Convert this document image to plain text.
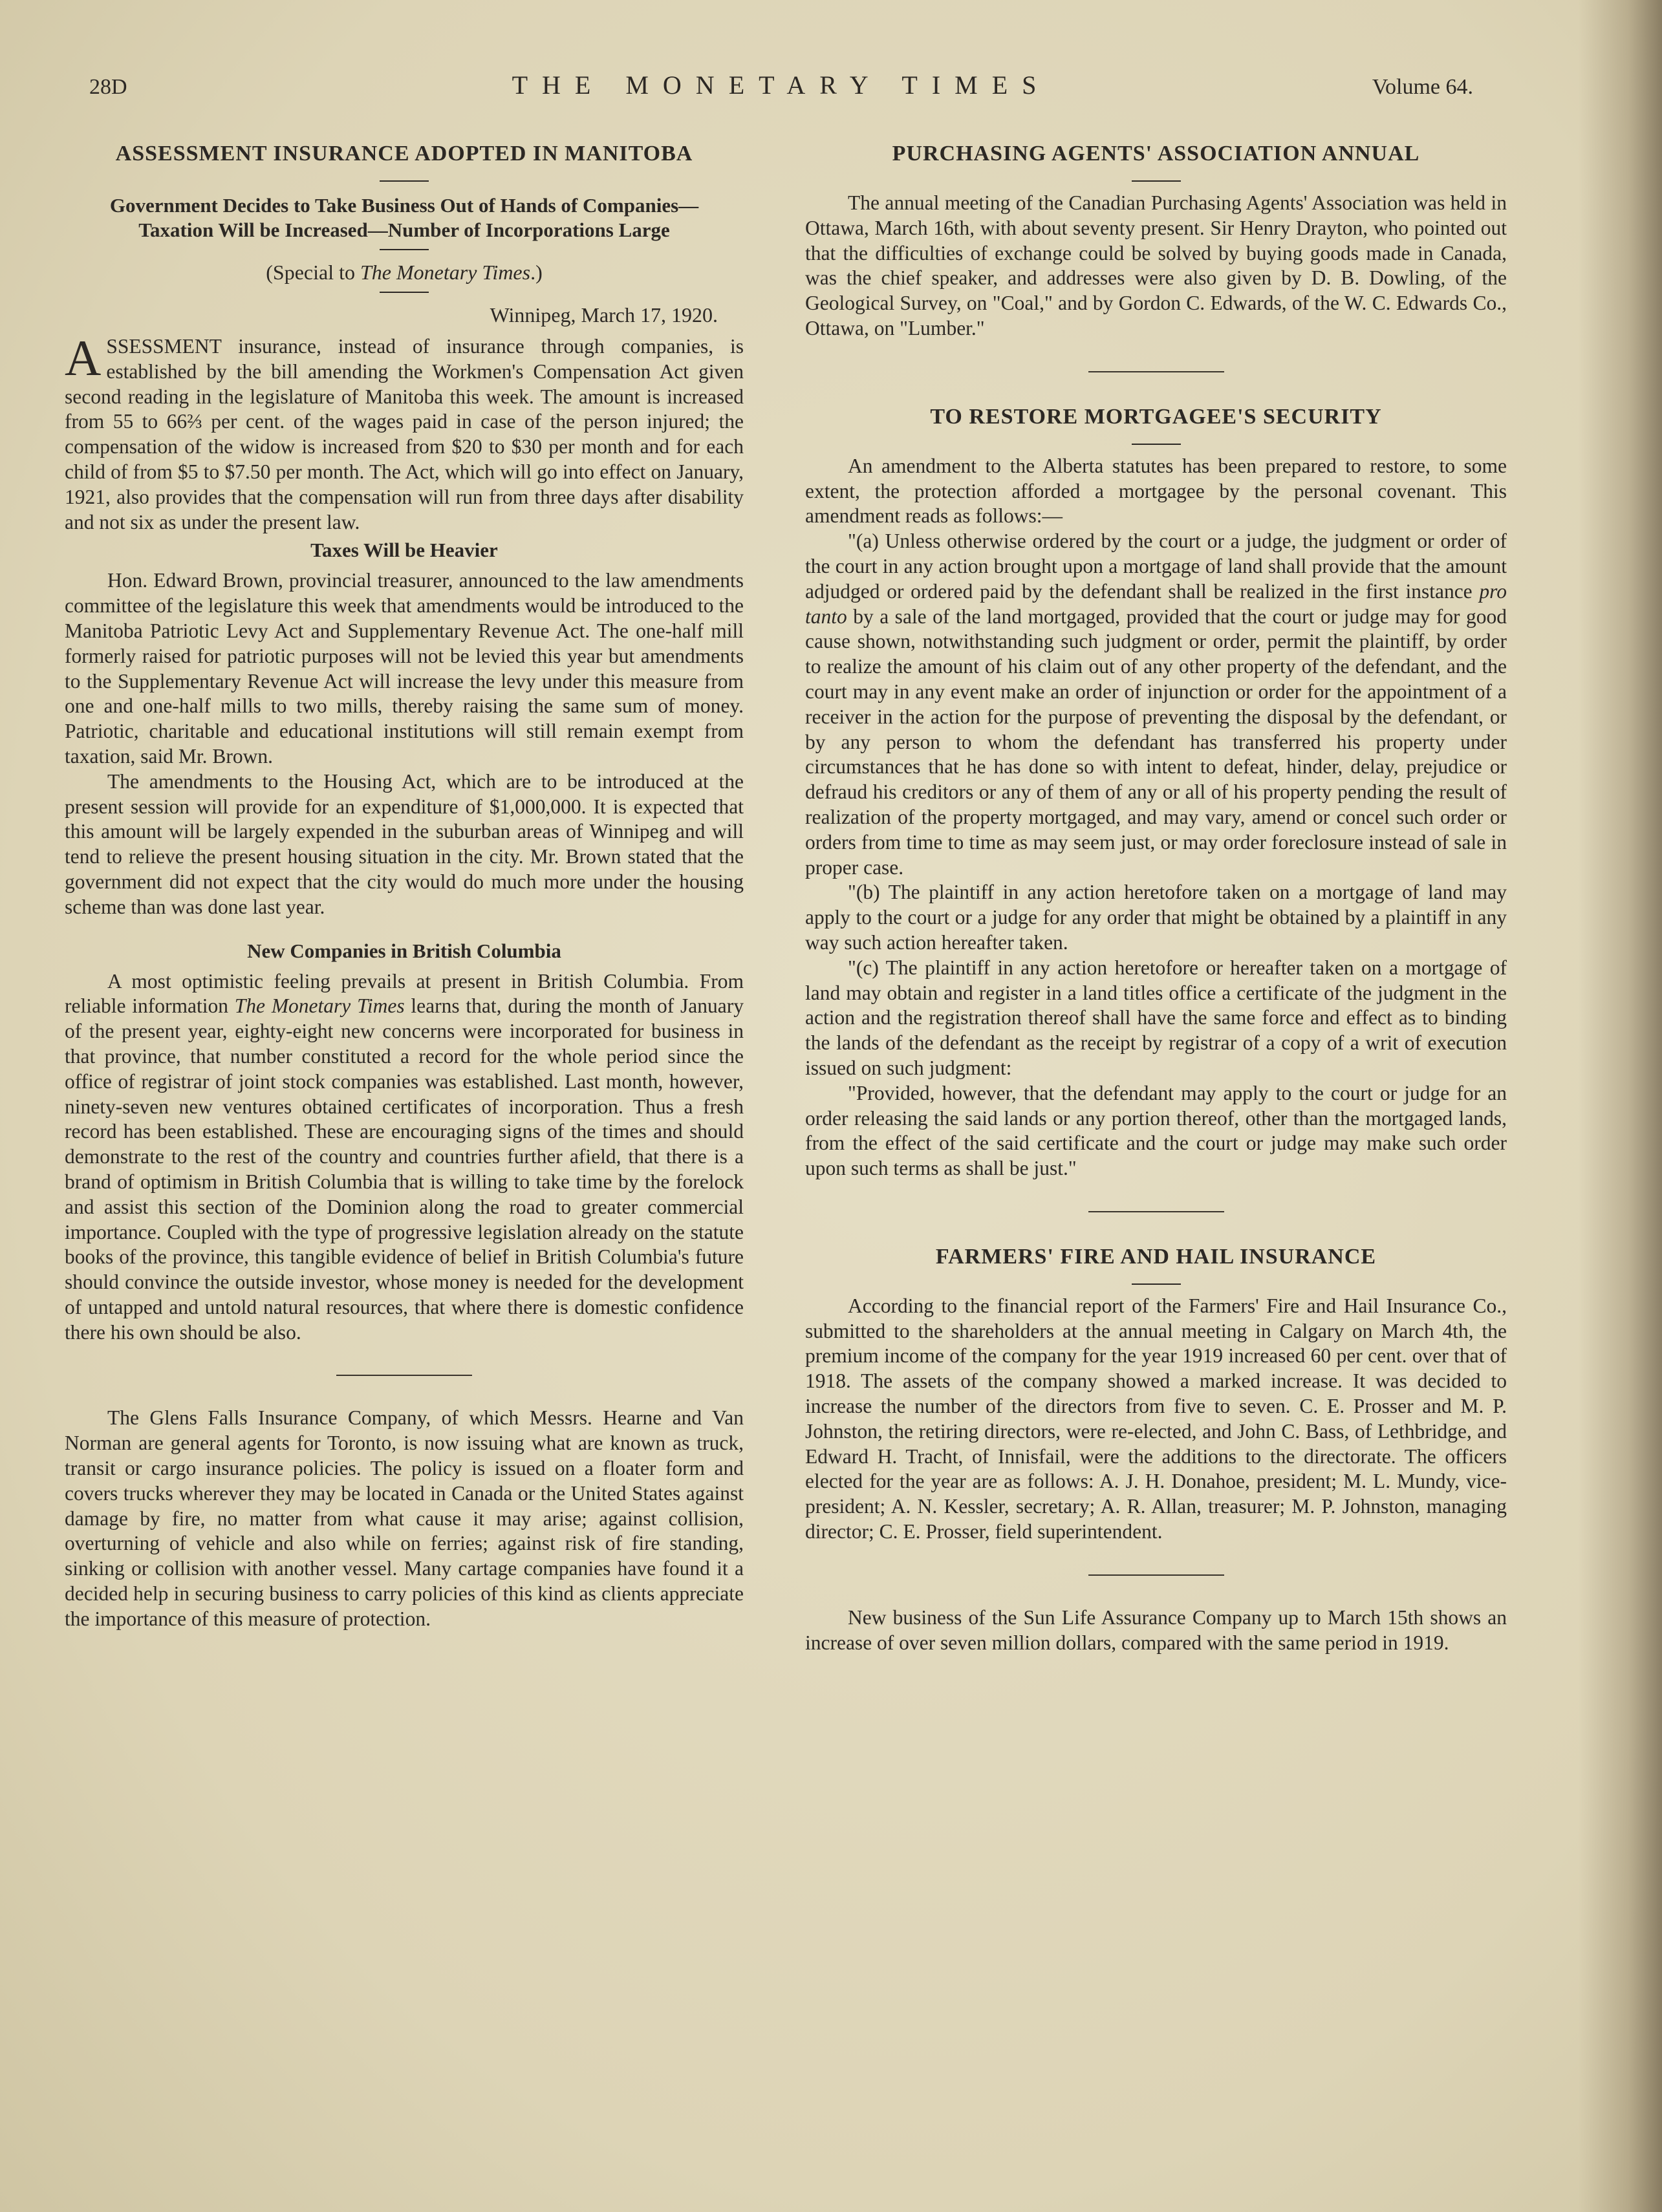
28D	THE MONETARY TIMES	Volume 64.
ASSESSMENT INSURANCE ADOPTED IN MANITOBA
Government Decides to Take Business Out of Hands of Companies—Taxation Will be Increased—Number of Incorporations Large
(Special to The Monetary Times.)
Winnipeg, March 17, 1920.

ASSESSMENT insurance, instead of insurance through companies, is established by the bill amending the Workmen's Compensation Act given second reading in the legislature of Manitoba this week. The amount is increased from 55 to 66⅔ per cent. of the wages paid in case of the person injured; the compensation of the widow is increased from $20 to $30 per month and for each child of from $5 to $7.50 per month. The Act, which will go into effect on January, 1921, also provides that the compensation will run from three days after disability and not six as under the present law.

Taxes Will be Heavier

Hon. Edward Brown, provincial treasurer, announced to the law amendments committee of the legislature this week that amendments would be introduced to the Manitoba Patriotic Levy Act and Supplementary Revenue Act. The one-half mill formerly raised for patriotic purposes will not be levied this year but amendments to the Supplementary Revenue Act will increase the levy under this measure from one and one-half mills to two mills, thereby raising the same sum of money. Patriotic, charitable and educational institutions will still remain exempt from taxation, said Mr. Brown.

The amendments to the Housing Act, which are to be introduced at the present session will provide for an expenditure of $1,000,000. It is expected that this amount will be largely expended in the suburban areas of Winnipeg and will tend to relieve the present housing situation in the city. Mr. Brown stated that the government did not expect that the city would do much more under the housing scheme than was done last year.

New Companies in British Columbia

A most optimistic feeling prevails at present in British Columbia. From reliable information The Monetary Times learns that, during the month of January of the present year, eighty-eight new concerns were incorporated for business in that province, that number constituted a record for the whole period since the office of registrar of joint stock companies was established. Last month, however, ninety-seven new ventures obtained certificates of incorporation. Thus a fresh record has been established. These are encouraging signs of the times and should demonstrate to the rest of the country and countries further afield, that there is a brand of optimism in British Columbia that is willing to take time by the forelock and assist this section of the Dominion along the road to greater commercial importance. Coupled with the type of progressive legislation already on the statute books of the province, this tangible evidence of belief in British Columbia's future should convince the outside investor, whose money is needed for the development of untapped and untold natural resources, that where there is domestic confidence there his own should be also.

The Glens Falls Insurance Company, of which Messrs. Hearne and Van Norman are general agents for Toronto, is now issuing what are known as truck, transit or cargo insurance policies. The policy is issued on a floater form and covers trucks wherever they may be located in Canada or the United States against damage by fire, no matter from what cause it may arise; against collision, overturning of vehicle and also while on ferries; against risk of fire standing, sinking or collision with another vessel. Many cartage companies have found it a decided help in securing business to carry policies of this kind as clients appreciate the importance of this measure of protection.

PURCHASING AGENTS' ASSOCIATION ANNUAL

The annual meeting of the Canadian Purchasing Agents' Association was held in Ottawa, March 16th, with about seventy present. Sir Henry Drayton, who pointed out that the difficulties of exchange could be solved by buying goods made in Canada, was the chief speaker, and addresses were also given by D. B. Dowling, of the Geological Survey, on "Coal," and by Gordon C. Edwards, of the W. C. Edwards Co., Ottawa, on "Lumber."

TO RESTORE MORTGAGEE'S SECURITY

An amendment to the Alberta statutes has been prepared to restore, to some extent, the protection afforded a mortgagee by the personal covenant. This amendment reads as follows:—

"(a) Unless otherwise ordered by the court or a judge, the judgment or order of the court in any action brought upon a mortgage of land shall provide that the amount adjudged or ordered paid by the defendant shall be realized in the first instance pro tanto by a sale of the land mortgaged, provided that the court or judge may for good cause shown, notwithstanding such judgment or order, permit the plaintiff, by order to realize the amount of his claim out of any other property of the defendant, and the court may in any event make an order of injunction or order for the appointment of a receiver in the action for the purpose of preventing the disposal by the defendant, or by any person to whom the defendant has transferred his property under circumstances that he has done so with intent to defeat, hinder, delay, prejudice or defraud his creditors or any of them of any or all of his property pending the result of realization of the property mortgaged, and may vary, amend or concel such order or orders from time to time as may seem just, or may order foreclosure instead of sale in proper case.

"(b) The plaintiff in any action heretofore taken on a mortgage of land may apply to the court or a judge for any order that might be obtained by a plaintiff in any way such action hereafter taken.

"(c) The plaintiff in any action heretofore or hereafter taken on a mortgage of land may obtain and register in a land titles office a certificate of the judgment in the action and the registration thereof shall have the same force and effect as to binding the lands of the defendant as the receipt by registrar of a copy of a writ of execution issued on such judgment:

"Provided, however, that the defendant may apply to the court or judge for an order releasing the said lands or any portion thereof, other than the mortgaged lands, from the effect of the said certificate and the court or judge may make such order upon such terms as shall be just."

FARMERS' FIRE AND HAIL INSURANCE

According to the financial report of the Farmers' Fire and Hail Insurance Co., submitted to the shareholders at the annual meeting in Calgary on March 4th, the premium income of the company for the year 1919 increased 60 per cent. over that of 1918. The assets of the company showed a marked increase. It was decided to increase the number of the directors from five to seven. C. E. Prosser and M. P. Johnston, the retiring directors, were re-elected, and John C. Bass, of Lethbridge, and Edward H. Tracht, of Innisfail, were the additions to the directorate. The officers elected for the year are as follows: A. J. H. Donahoe, president; M. L. Mundy, vice-president; A. N. Kessler, secretary; A. R. Allan, treasurer; M. P. Johnston, managing director; C. E. Prosser, field superintendent.

New business of the Sun Life Assurance Company up to March 15th shows an increase of over seven million dollars, compared with the same period in 1919.
